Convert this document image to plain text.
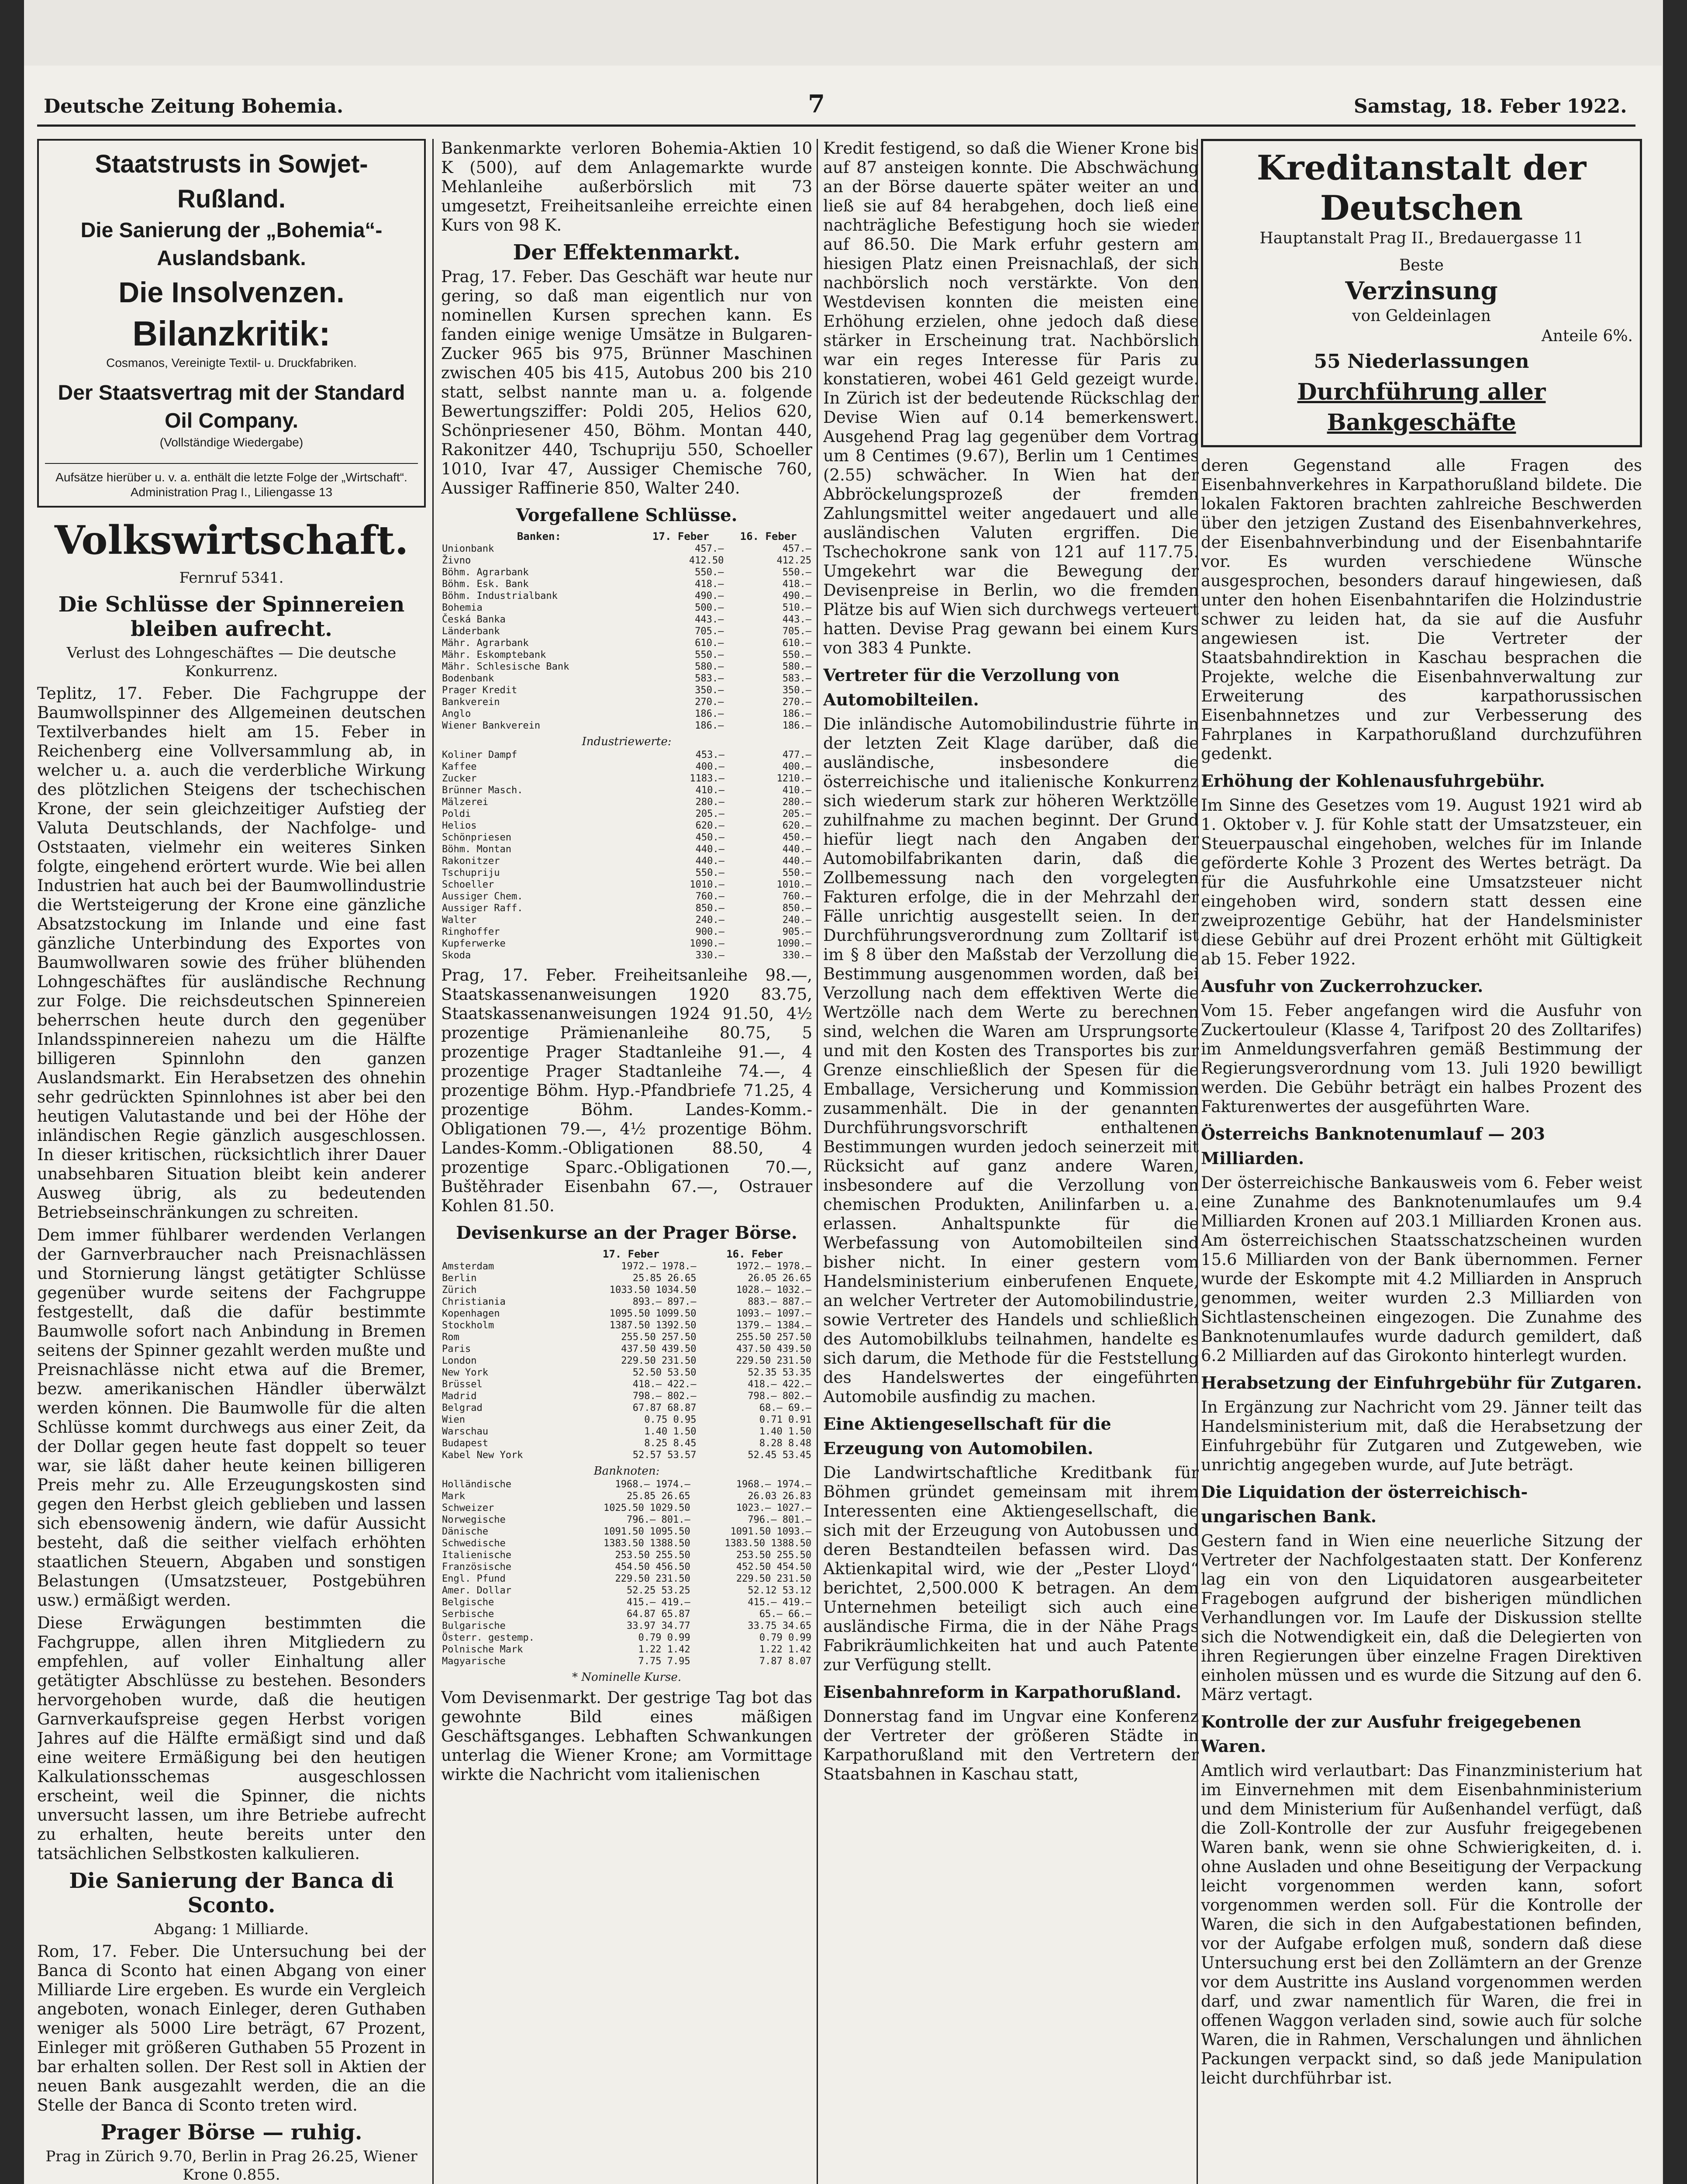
Deutsche Zeitung Bohemia.	7	Samstag, 18. Feber 1922.
Staatstrusts in Sowjet-Rußland.
Die Sanierung der „Bohemia“-Auslandsbank.
Die Insolvenzen.
Bilanzkritik:
Cosmanos, Vereinigte Textil- u. Druckfabriken.
Der Staatsvertrag mit der Standard Oil Company.
(Vollständige Wiedergabe)
Aufsätze hierüber u. v. a. enthält die letzte Folge der „Wirtschaft“. Administration Prag I., Liliengasse 13
Volkswirtschaft.
Fernruf 5341.
Die Schlüsse der Spinnereien bleiben aufrecht.
Verlust des Lohngeschäftes — Die deutsche Konkurrenz.

Teplitz, 17. Feber. Die Fachgruppe der Baumwollspinner des Allgemeinen deutschen Textilverbandes hielt am 15. Feber in Reichenberg eine Vollversammlung ab, in welcher u. a. auch die verderbliche Wirkung des plötzlichen Steigens der tschechischen Krone, der sein gleichzeitiger Aufstieg der Valuta Deutschlands, der Nachfolge- und Oststaaten, vielmehr ein weiteres Sinken folgte, eingehend erörtert wurde. Wie bei allen Industrien hat auch bei der Baumwollindustrie die Wertsteigerung der Krone eine gänzliche Absatzstockung im Inlande und eine fast gänzliche Unterbindung des Exportes von Baumwollwaren sowie des früher blühenden Lohngeschäftes für ausländische Rechnung zur Folge. Die reichsdeutschen Spinnereien beherrschen heute durch den gegenüber Inlandsspinnereien nahezu um die Hälfte billigeren Spinnlohn den ganzen Auslandsmarkt. Ein Herabsetzen des ohnehin sehr gedrückten Spinnlohnes ist aber bei den heutigen Valutastande und bei der Höhe der inländischen Regie gänzlich ausgeschlossen. In dieser kritischen, rücksichtlich ihrer Dauer unabsehbaren Situation bleibt kein anderer Ausweg übrig, als zu bedeutenden Betriebseinschränkungen zu schreiten.

Dem immer fühlbarer werdenden Verlangen der Garnverbraucher nach Preisnachlässen und Stornierung längst getätigter Schlüsse gegenüber wurde seitens der Fachgruppe festgestellt, daß die dafür bestimmte Baumwolle sofort nach Anbindung in Bremen seitens der Spinner gezahlt werden mußte und Preisnachlässe nicht etwa auf die Bremer, bezw. amerikanischen Händler überwälzt werden können. Die Baumwolle für die alten Schlüsse kommt durchwegs aus einer Zeit, da der Dollar gegen heute fast doppelt so teuer war, sie läßt daher heute keinen billigeren Preis mehr zu. Alle Erzeugungskosten sind gegen den Herbst gleich geblieben und lassen sich ebensowenig ändern, wie dafür Aussicht besteht, daß die seither vielfach erhöhten staatlichen Steuern, Abgaben und sonstigen Belastungen (Umsatzsteuer, Postgebühren usw.) ermäßigt werden.

Diese Erwägungen bestimmten die Fachgruppe, allen ihren Mitgliedern zu empfehlen, auf voller Einhaltung aller getätigter Abschlüsse zu bestehen. Besonders hervorgehoben wurde, daß die heutigen Garnverkaufspreise gegen Herbst vorigen Jahres auf die Hälfte ermäßigt sind und daß eine weitere Ermäßigung bei den heutigen Kalkulationsschemas ausgeschlossen erscheint, weil die Spinner, die nichts unversucht lassen, um ihre Betriebe aufrecht zu erhalten, heute bereits unter den tatsächlichen Selbstkosten kalkulieren.

Die Sanierung der Banca di Sconto.
Abgang: 1 Milliarde.

Rom, 17. Feber. Die Untersuchung bei der Banca di Sconto hat einen Abgang von einer Milliarde Lire ergeben. Es wurde ein Vergleich angeboten, wonach Einleger, deren Guthaben weniger als 5000 Lire beträgt, 67 Prozent, Einleger mit größeren Guthaben 55 Prozent in bar erhalten sollen. Der Rest soll in Aktien der neuen Bank ausgezahlt werden, die an die Stelle der Banca di Sconto treten wird.

Prager Börse — ruhig.
Prag in Zürich 9.70, Berlin in Prag 26.25, Wiener Krone 0.855.

Bankenmarkte verloren Bohemia-Aktien 10 K (500), auf dem Anlagemarkte wurde Mehlanleihe außerbörslich mit 73 umgesetzt, Freiheitsanleihe erreichte einen Kurs von 98 K.

Der Effektenmarkt.

Prag, 17. Feber. Das Geschäft war heute nur gering, so daß man eigentlich nur von nominellen Kursen sprechen kann. Es fanden einige wenige Umsätze in Bulgaren-Zucker 965 bis 975, Brünner Maschinen zwischen 405 bis 415, Autobus 200 bis 210 statt, selbst nannte man u. a. folgende Bewertungsziffer: Poldi 205, Helios 620, Schönpriesener 450, Böhm. Montan 440, Rakonitzer 440, Tschupriju 550, Schoeller 1010, Ivar 47, Aussiger Chemische 760, Aussiger Raffinerie 850, Walter 240.

Vorgefallene Schlüsse.
Banken:	17. Feber	16. Feber
Unionbank	457.—	457.—
Živno	412.50	412.25
Böhm. Agrarbank	550.—	550.—
Böhm. Esk. Bank	418.—	418.—
Böhm. Industrialbank	490.—	490.—
Bohemia	500.—	510.—
Česká Banka	443.—	443.—
Länderbank	705.—	705.—
Mähr. Agrarbank	610.—	610.—
Mähr. Eskomptebank	550.—	550.—
Mähr. Schlesische Bank	580.—	580.—
Bodenbank	583.—	583.—
Prager Kredit	350.—	350.—
Bankverein	270.—	270.—
Anglo	186.—	186.—
Wiener Bankverein	186.—	186.—
Industriewerte:
Koliner Dampf	453.—	477.—
Kaffee	400.—	400.—
Zucker	1183.—	1210.—
Brünner Masch.	410.—	410.—
Mälzerei	280.—	280.—
Poldi	205.—	205.—
Helios	620.—	620.—
Schönpriesen	450.—	450.—
Böhm. Montan	440.—	440.—
Rakonitzer	440.—	440.—
Tschupriju	550.—	550.—
Schoeller	1010.—	1010.—
Aussiger Chem.	760.—	760.—
Aussiger Raff.	850.—	850.—
Walter	240.—	240.—
Ringhoffer	900.—	905.—
Kupferwerke	1090.—	1090.—
Skoda	330.—	330.—

Prag, 17. Feber. Freiheitsanleihe 98.—, Staatskassenanweisungen 1920 83.75, Staatskassenanweisungen 1924 91.50, 4½ prozentige Prämienanleihe 80.75, 5 prozentige Prager Stadtanleihe 91.—, 4 prozentige Prager Stadtanleihe 74.—, 4 prozentige Böhm. Hyp.-Pfandbriefe 71.25, 4 prozentige Böhm. Landes-Komm.-Obligationen 79.—, 4½ prozentige Böhm. Landes-Komm.-Obligationen 88.50, 4 prozentige Sparc.-Obligationen 70.—, Buštěhrader Eisenbahn 67.—, Ostrauer Kohlen 81.50.

Devisenkurse an der Prager Börse.
	17. Feber	16. Feber
Amsterdam	1972.— 1978.—	1972.— 1978.—
Berlin	25.85 26.65	26.05 26.65
Zürich	1033.50 1034.50	1028.— 1032.—
Christiania	893.— 897.—	883.— 887.—
Kopenhagen	1095.50 1099.50	1093.— 1097.—
Stockholm	1387.50 1392.50	1379.— 1384.—
Rom	255.50 257.50	255.50 257.50
Paris	437.50 439.50	437.50 439.50
London	229.50 231.50	229.50 231.50
New York	52.50 53.50	52.35 53.35
Brüssel	418.— 422.—	418.— 422.—
Madrid	798.— 802.—	798.— 802.—
Belgrad	67.87 68.87	68.— 69.—
Wien	0.75 0.95	0.71 0.91
Warschau	1.40 1.50	1.40 1.50
Budapest	8.25 8.45	8.28 8.48
Kabel New York	52.57 53.57	52.45 53.45
Banknoten:
Holländische	1968.— 1974.—	1968.— 1974.—
Mark	25.85 26.65	26.03 26.83
Schweizer	1025.50 1029.50	1023.— 1027.—
Norwegische	796.— 801.—	796.— 801.—
Dänische	1091.50 1095.50	1091.50 1093.—
Schwedische	1383.50 1388.50	1383.50 1388.50
Italienische	253.50 255.50	253.50 255.50
Französische	454.50 456.50	452.50 454.50
Engl. Pfund	229.50 231.50	229.50 231.50
Amer. Dollar	52.25 53.25	52.12 53.12
Belgische	415.— 419.—	415.— 419.—
Serbische	64.87 65.87	65.— 66.—
Bulgarische	33.97 34.77	33.75 34.65
Österr. gestemp.	0.79 0.99	0.79 0.99
Polnische Mark	1.22 1.42	1.22 1.42
Magyarische	7.75 7.95	7.87 8.07
* Nominelle Kurse.

Vom Devisenmarkt. Der gestrige Tag bot das gewohnte Bild eines mäßigen Geschäftsganges. Lebhaften Schwankungen unterlag die Wiener Krone; am Vormittage wirkte die Nachricht vom italienischen

Kredit festigend, so daß die Wiener Krone bis auf 87 ansteigen konnte. Die Abschwächung an der Börse dauerte später weiter an und ließ sie auf 84 herabgehen, doch ließ eine nachträgliche Befestigung hoch sie wieder auf 86.50. Die Mark erfuhr gestern am hiesigen Platz einen Preisnachlaß, der sich nachbörslich noch verstärkte. Von den Westdevisen konnten die meisten eine Erhöhung erzielen, ohne jedoch daß diese stärker in Erscheinung trat. Nachbörslich war ein reges Interesse für Paris zu konstatieren, wobei 461 Geld gezeigt wurde. In Zürich ist der bedeutende Rückschlag der Devise Wien auf 0.14 bemerkenswert. Ausgehend Prag lag gegenüber dem Vortrag um 8 Centimes (9.67), Berlin um 1 Centimes (2.55) schwächer. In Wien hat der Abbröckelungsprozeß der fremden Zahlungsmittel weiter angedauert und alle ausländischen Valuten ergriffen. Die Tschechokrone sank von 121 auf 117.75. Umgekehrt war die Bewegung der Devisenpreise in Berlin, wo die fremden Plätze bis auf Wien sich durchwegs verteuert hatten. Devise Prag gewann bei einem Kurs von 383 4 Punkte.

Vertreter für die Verzollung von Automobilteilen.

Die inländische Automobilindustrie führte in der letzten Zeit Klage darüber, daß die ausländische, insbesondere die österreichische und italienische Konkurrenz sich wiederum stark zur höheren Werktzölle zuhilfnahme zu machen beginnt. Der Grund hiefür liegt nach den Angaben der Automobilfabrikanten darin, daß die Zollbemessung nach den vorgelegten Fakturen erfolge, die in der Mehrzahl der Fälle unrichtig ausgestellt seien. In der Durchführungsverordnung zum Zolltarif ist im § 8 über den Maßstab der Verzollung die Bestimmung ausgenommen worden, daß bei Verzollung nach dem effektiven Werte die Wertzölle nach dem Werte zu berechnen sind, welchen die Waren am Ursprungsorte und mit den Kosten des Transportes bis zur Grenze einschließlich der Spesen für die Emballage, Versicherung und Kommission zusammenhält. Die in der genannten Durchführungsvorschrift enthaltenen Bestimmungen wurden jedoch seinerzeit mit Rücksicht auf ganz andere Waren, insbesondere auf die Verzollung von chemischen Produkten, Anilinfarben u. a. erlassen. Anhaltspunkte für die Werbefassung von Automobilteilen sind bisher nicht. In einer gestern vom Handelsministerium einberufenen Enquete, an welcher Vertreter der Automobilindustrie, sowie Vertreter des Handels und schließlich des Automobilklubs teilnahmen, handelte es sich darum, die Methode für die Feststellung des Handelswertes der eingeführten Automobile ausfindig zu machen.

Eine Aktiengesellschaft für die Erzeugung von Automobilen.

Die Landwirtschaftliche Kreditbank für Böhmen gründet gemeinsam mit ihrem Interessenten eine Aktiengesellschaft, die sich mit der Erzeugung von Autobussen und deren Bestandteilen befassen wird. Das Aktienkapital wird, wie der „Pester Lloyd“ berichtet, 2,500.000 K betragen. An dem Unternehmen beteiligt sich auch eine ausländische Firma, die in der Nähe Prags Fabrikräumlichkeiten hat und auch Patente zur Verfügung stellt.

Eisenbahnreform in Karpathorußland.

Donnerstag fand im Ungvar eine Konferenz der Vertreter der größeren Städte in Karpathorußland mit den Vertretern der Staatsbahnen in Kaschau statt,

Kreditanstalt der Deutschen
Hauptanstalt Prag II., Bredauergasse 11
Beste
Verzinsung
von Geldeinlagen
Anteile 6%.
55 Niederlassungen
Durchführung aller Bankgeschäfte

deren Gegenstand alle Fragen des Eisenbahnverkehres in Karpathorußland bildete. Die lokalen Faktoren brachten zahlreiche Beschwerden über den jetzigen Zustand des Eisenbahnverkehres, der Eisenbahnverbindung und der Eisenbahntarife vor. Es wurden verschiedene Wünsche ausgesprochen, besonders darauf hingewiesen, daß unter den hohen Eisenbahntarifen die Holzindustrie schwer zu leiden hat, da sie auf die Ausfuhr angewiesen ist. Die Vertreter der Staatsbahndirektion in Kaschau besprachen die Projekte, welche die Eisenbahnverwaltung zur Erweiterung des karpathorussischen Eisenbahnnetzes und zur Verbesserung des Fahrplanes in Karpathorußland durchzuführen gedenkt.

Erhöhung der Kohlenausfuhrgebühr.

Im Sinne des Gesetzes vom 19. August 1921 wird ab 1. Oktober v. J. für Kohle statt der Umsatzsteuer, ein Steuerpauschal eingehoben, welches für im Inlande geförderte Kohle 3 Prozent des Wertes beträgt. Da für die Ausfuhrkohle eine Umsatzsteuer nicht eingehoben wird, sondern statt dessen eine zweiprozentige Gebühr, hat der Handelsminister diese Gebühr auf drei Prozent erhöht mit Gültigkeit ab 15. Feber 1922.

Ausfuhr von Zuckerrohzucker.

Vom 15. Feber angefangen wird die Ausfuhr von Zuckertouleur (Klasse 4, Tarifpost 20 des Zolltarifes) im Anmeldungsverfahren gemäß Bestimmung der Regierungsverordnung vom 13. Juli 1920 bewilligt werden. Die Gebühr beträgt ein halbes Prozent des Fakturenwertes der ausgeführten Ware.

Österreichs Banknotenumlauf — 203 Milliarden.

Der österreichische Bankausweis vom 6. Feber weist eine Zunahme des Banknotenumlaufes um 9.4 Milliarden Kronen auf 203.1 Milliarden Kronen aus. Am österreichischen Staatsschatzscheinen wurden 15.6 Milliarden von der Bank übernommen. Ferner wurde der Eskompte mit 4.2 Milliarden in Anspruch genommen, weiter wurden 2.3 Milliarden von Sichtlastenscheinen eingezogen. Die Zunahme des Banknotenumlaufes wurde dadurch gemildert, daß 6.2 Milliarden auf das Girokonto hinterlegt wurden.

Herabsetzung der Einfuhrgebühr für Zutgaren.

In Ergänzung zur Nachricht vom 29. Jänner teilt das Handelsministerium mit, daß die Herabsetzung der Einfuhrgebühr für Zutgaren und Zutgeweben, wie unrichtig angegeben wurde, auf Jute beträgt.

Die Liquidation der österreichisch-ungarischen Bank.

Gestern fand in Wien eine neuerliche Sitzung der Vertreter der Nachfolgestaaten statt. Der Konferenz lag ein von den Liquidatoren ausgearbeiteter Fragebogen aufgrund der bisherigen mündlichen Verhandlungen vor. Im Laufe der Diskussion stellte sich die Notwendigkeit ein, daß die Delegierten von ihren Regierungen über einzelne Fragen Direktiven einholen müssen und es wurde die Sitzung auf den 6. März vertagt.

Kontrolle der zur Ausfuhr freigegebenen Waren.

Amtlich wird verlautbart: Das Finanzministerium hat im Einvernehmen mit dem Eisenbahnministerium und dem Ministerium für Außenhandel verfügt, daß die Zoll-Kontrolle der zur Ausfuhr freigegebenen Waren bank, wenn sie ohne Schwierigkeiten, d. i. ohne Ausladen und ohne Beseitigung der Verpackung leicht vorgenommen werden kann, sofort vorgenommen werden soll. Für die Kontrolle der Waren, die sich in den Aufgabestationen befinden, vor der Aufgabe erfolgen muß, sondern daß diese Untersuchung erst bei den Zollämtern an der Grenze vor dem Austritte ins Ausland vorgenommen werden darf, und zwar namentlich für Waren, die frei in offenen Waggon verladen sind, sowie auch für solche Waren, die in Rahmen, Verschalungen und ähnlichen Packungen verpackt sind, so daß jede Manipulation leicht durchführbar ist.
